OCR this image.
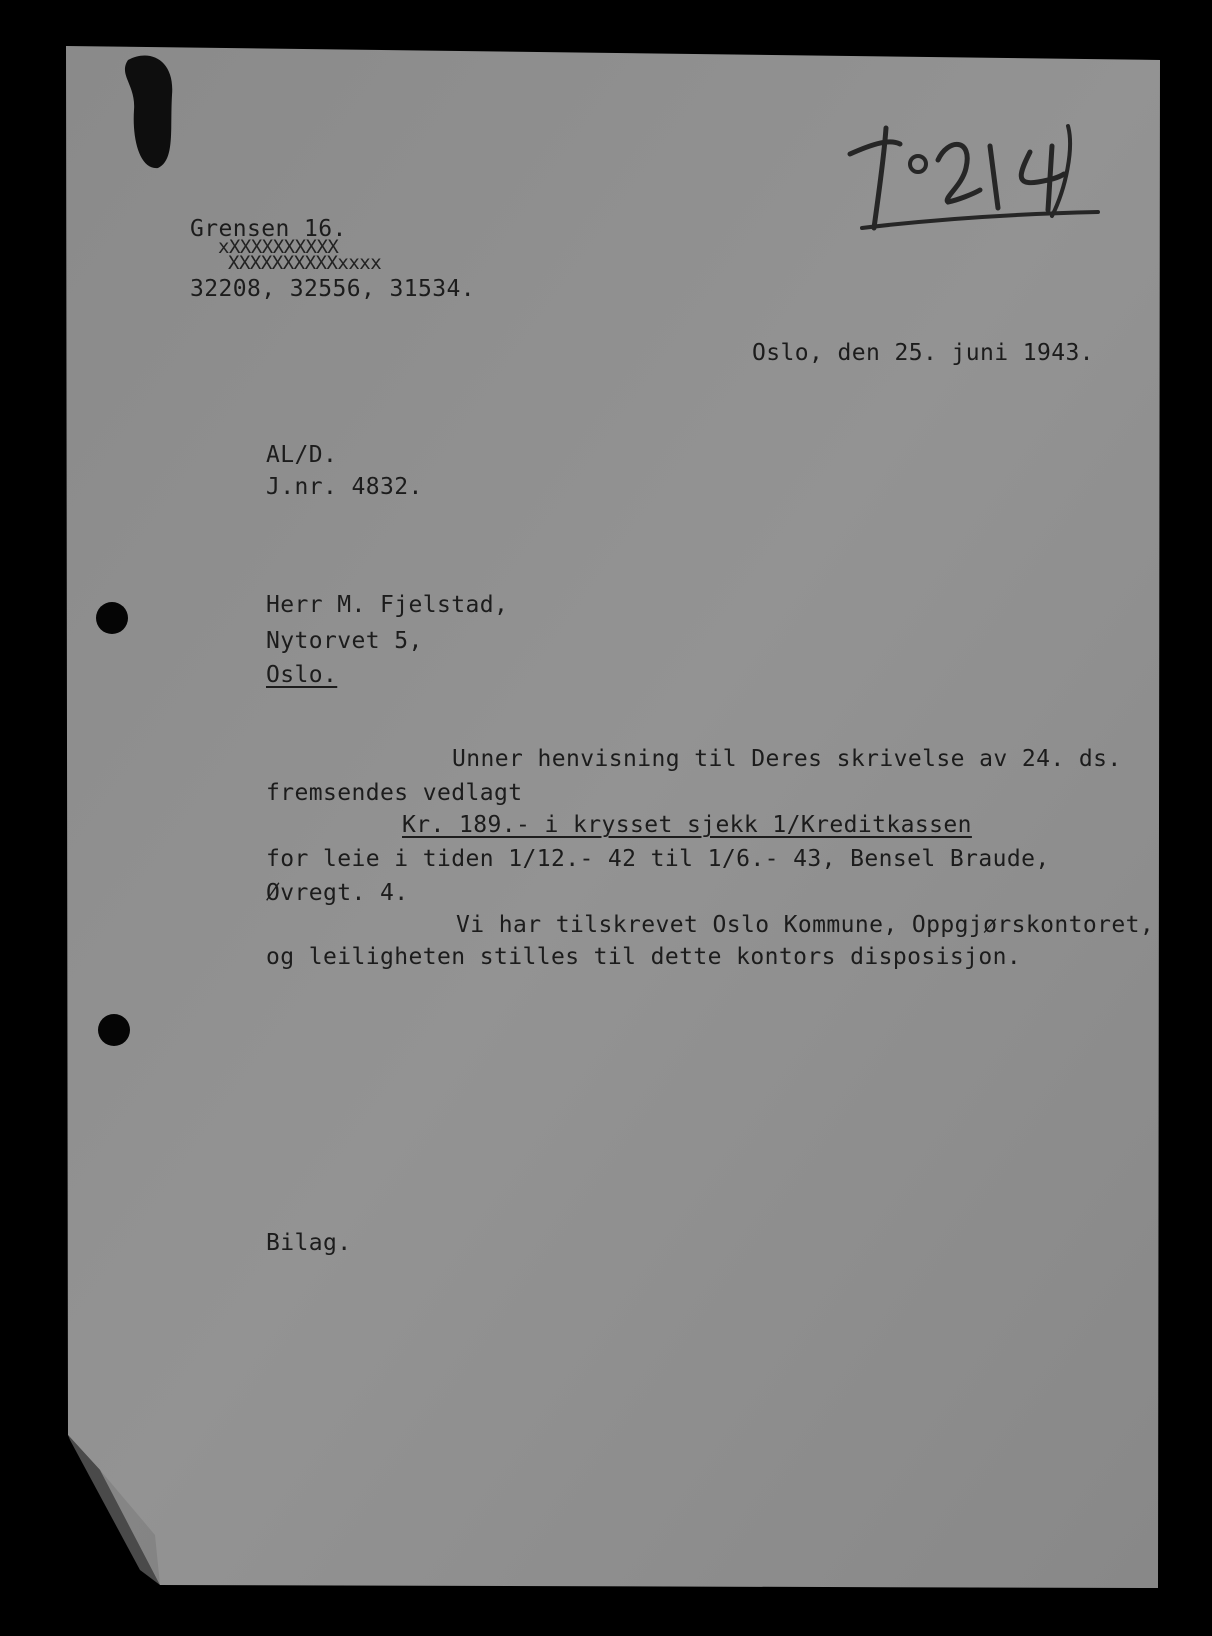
Grensen 16.
xXXXXXXXXXX
XXXXXXXXXXxxxx
32208, 32556, 31534.
Oslo, den 25. juni 1943.
AL/D.
J.nr. 4832.
Herr M. Fjelstad,
Nytorvet 5,
Oslo.
Unner henvisning til Deres skrivelse av 24. ds.
fremsendes vedlagt
Kr. 189.- i krysset sjekk 1/Kreditkassen
for leie i tiden 1/12.- 42 til 1/6.- 43, Bensel Braude,
Øvregt. 4.
Vi har tilskrevet Oslo Kommune, Oppgjørskontoret,
og leiligheten stilles til dette kontors disposisjon.
Bilag.
